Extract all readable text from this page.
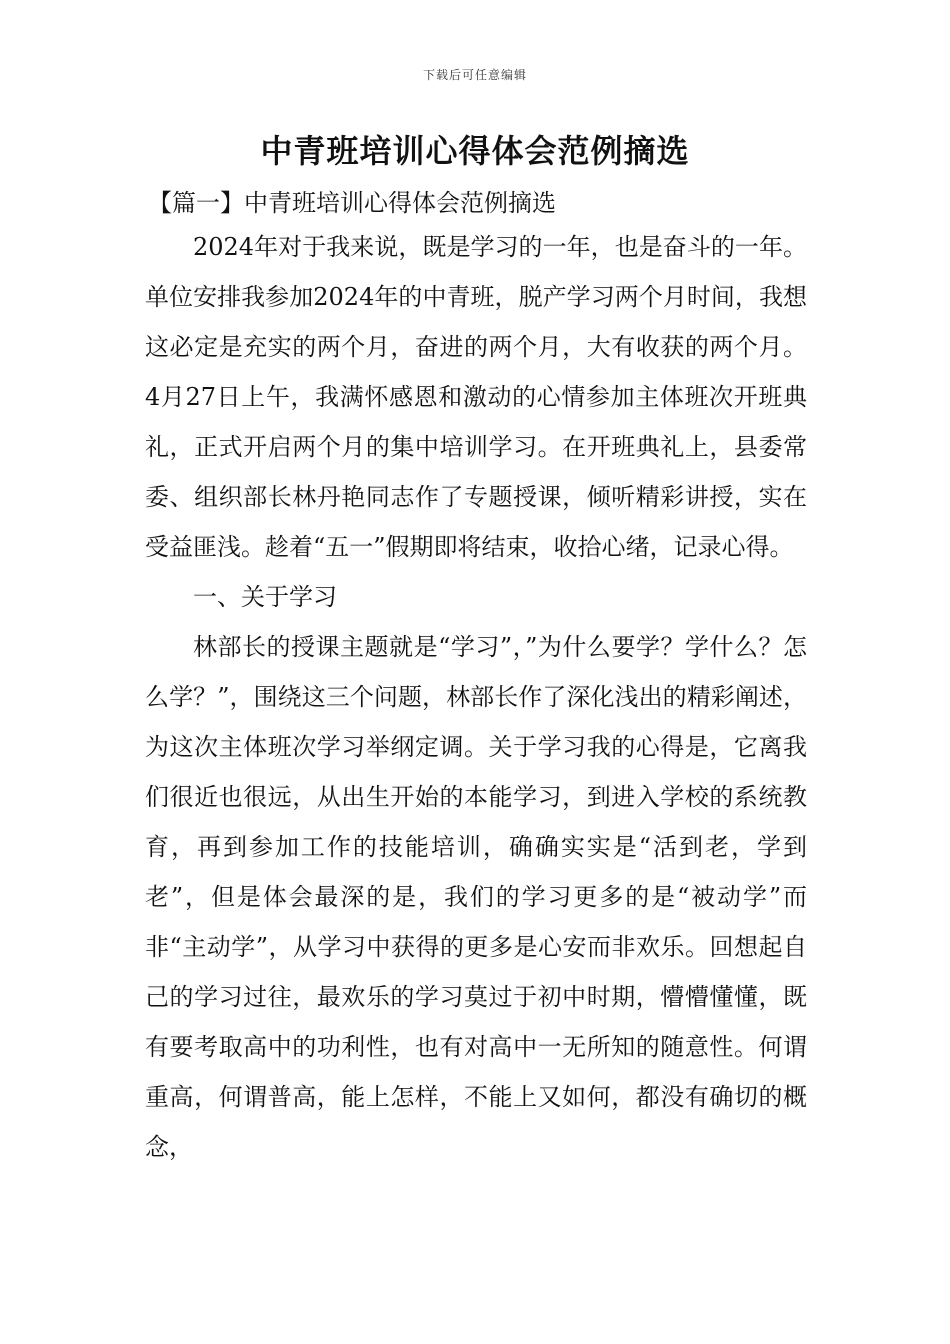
下载后可任意编辑
中青班培训心得体会范例摘选
【篇一】中青班培训心得体会范例摘选

2024年对于我来说，既是学习的一年，也是奋斗的一年。单位安排我参加2024年的中青班，脱产学习两个月时间，我想这必定是充实的两个月，奋进的两个月，大有收获的两个月。4月27日上午，我满怀感恩和激动的心情参加主体班次开班典礼，正式开启两个月的集中培训学习。在开班典礼上，县委常委、组织部长林丹艳同志作了专题授课，倾听精彩讲授，实在受益匪浅。趁着“五一”假期即将结束，收拾心绪，记录心得。

一、关于学习

林部长的授课主题就是“学习”，”为什么要学？学什么？怎么学？”，围绕这三个问题，林部长作了深化浅出的精彩阐述，为这次主体班次学习举纲定调。关于学习我的心得是，它离我们很近也很远，从出生开始的本能学习，到进入学校的系统教育，再到参加工作的技能培训，确确实实是“活到老，学到老”，但是体会最深的是，我们的学习更多的是“被动学”而非“主动学”，从学习中获得的更多是心安而非欢乐。回想起自己的学习过往，最欢乐的学习莫过于初中时期，懵懵懂懂，既有要考取高中的功利性，也有对高中一无所知的随意性。何谓重高，何谓普高，能上怎样，不能上又如何，都没有确切的概念，
